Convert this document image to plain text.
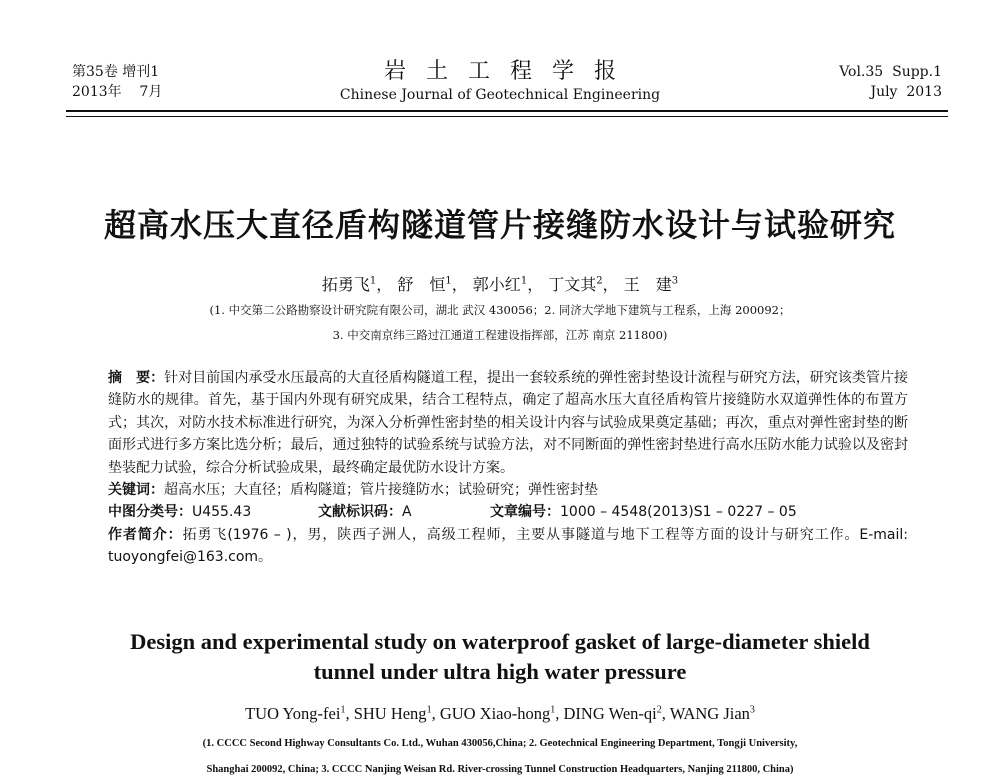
第35卷 增刊1
2013年    7月
岩土工程学报
Chinese Journal of Geotechnical Engineering
Vol.35  Supp.1
July  2013
超高水压大直径盾构隧道管片接缝防水设计与试验研究
拓勇飞$^1$， 舒　恒$^1$， 郭小红$^1$， 丁文其$^2$， 王　建$^3$
(1. 中交第二公路勘察设计研究院有限公司，湖北 武汉 430056；2. 同济大学地下建筑与工程系，上海 200092；
3. 中交南京纬三路过江通道工程建设指挥部，江苏 南京 211800)

摘　要：针对目前国内承受水压最高的大直径盾构隧道工程，提出一套较系统的弹性密封垫设计流程与研究方法，研究该类管片接缝防水的规律。首先，基于国内外现有研究成果，结合工程特点，确定了超高水压大直径盾构管片接缝防水双道弹性体的布置方式；其次，对防水技术标准进行研究，为深入分析弹性密封垫的相关设计内容与试验成果奠定基础；再次，重点对弹性密封垫的断面形式进行多方案比选分析；最后，通过独特的试验系统与试验方法，对不同断面的弹性密封垫进行高水压防水能力试验以及密封垫装配力试验，综合分析试验成果，最终确定最优防水设计方案。

关键词：超高水压；大直径；盾构隧道；管片接缝防水；试验研究；弹性密封垫

中图分类号：U455.43	文献标识码：A	文章编号：1000 – 4548(2013)S1 – 0227 – 05

作者简介：拓勇飞(1976 – )，男，陕西子洲人，高级工程师，主要从事隧道与地下工程等方面的设计与研究工作。E-mail: tuoyongfei@163.com。

Design and experimental study on waterproof gasket of large-diameter shield
tunnel under ultra high water pressure
TUO Yong-fei$^1$, SHU Heng$^1$, GUO Xiao-hong$^1$, DING Wen-$qi^2$, WANG Jian$^3$
(1. CCCC Second Highway Consultants Co. Ltd., Wuhan 430056,China; 2. Geotechnical Engineering Department, Tongji University,
Shanghai 200092, China; 3. CCCC Nanjing Weisan Rd. River-crossing Tunnel Construction Headquarters, Nanjing 211800, China)
